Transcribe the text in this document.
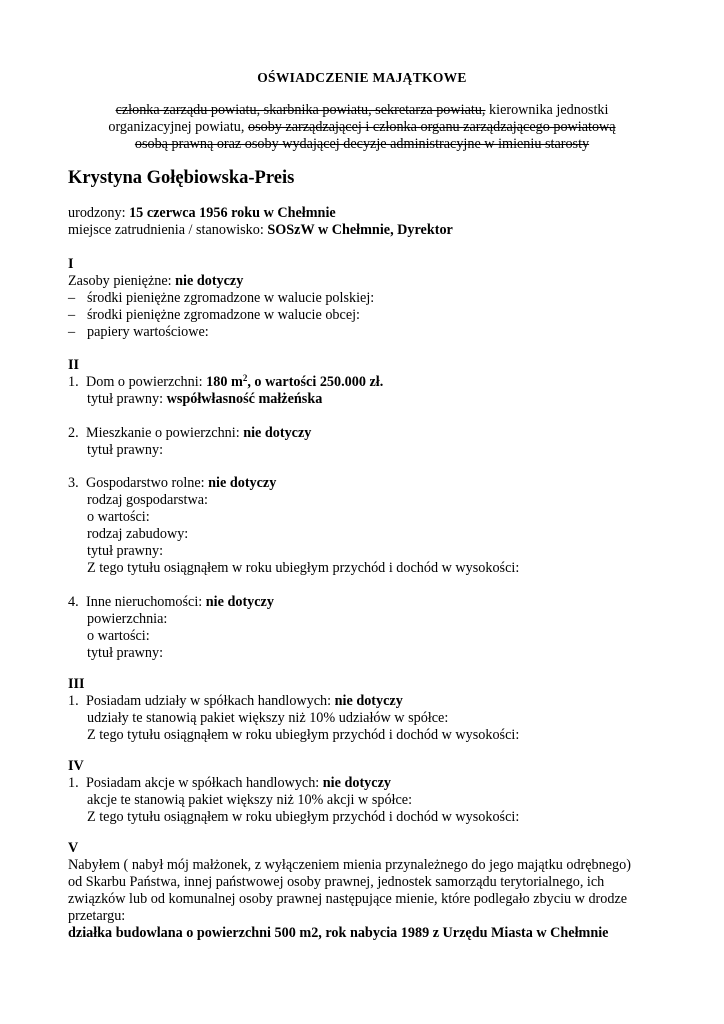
OŚWIADCZENIE MAJĄTKOWE
członka zarządu powiatu, skarbnika powiatu, sekretarza powiatu, kierownika jednostki
organizacyjnej powiatu, osoby zarządzającej i członka organu zarządzającego powiatową
osobą prawną oraz osoby wydającej decyzje administracyjne w imieniu starosty
Krystyna Gołębiowska-Preis
urodzony: 15 czerwca 1956 roku w Chełmnie
miejsce zatrudnienia / stanowisko: SOSzW w Chełmnie, Dyrektor
I
Zasoby pieniężne: nie dotyczy
– środki pieniężne zgromadzone w walucie polskiej:
– środki pieniężne zgromadzone w walucie obcej:
– papiery wartościowe:
II
1. Dom o powierzchni: 180 $m^2$, o wartości 250.000 zł.
tytuł prawny: współwłasność małżeńska
2. Mieszkanie o powierzchni: nie dotyczy
tytuł prawny:
3. Gospodarstwo rolne: nie dotyczy
rodzaj gospodarstwa:
o wartości:
rodzaj zabudowy:
tytuł prawny:
Z tego tytułu osiągnąłem w roku ubiegłym przychód i dochód w wysokości:
4. Inne nieruchomości: nie dotyczy
powierzchnia:
o wartości:
tytuł prawny:
III
1. Posiadam udziały w spółkach handlowych: nie dotyczy
udziały te stanowią pakiet większy niż 10% udziałów w spółce:
Z tego tytułu osiągnąłem w roku ubiegłym przychód i dochód w wysokości:
IV
1. Posiadam akcje w spółkach handlowych: nie dotyczy
akcje te stanowią pakiet większy niż 10% akcji w spółce:
Z tego tytułu osiągnąłem w roku ubiegłym przychód i dochód w wysokości:
V
Nabyłem ( nabył mój małżonek, z wyłączeniem mienia przynależnego do jego majątku odrębnego)
od Skarbu Państwa, innej państwowej osoby prawnej, jednostek samorządu terytorialnego, ich
związków lub od komunalnej osoby prawnej następujące mienie, które podlegało zbyciu w drodze
przetargu:
działka budowlana o powierzchni 500 m2, rok nabycia 1989 z Urzędu Miasta w Chełmnie
